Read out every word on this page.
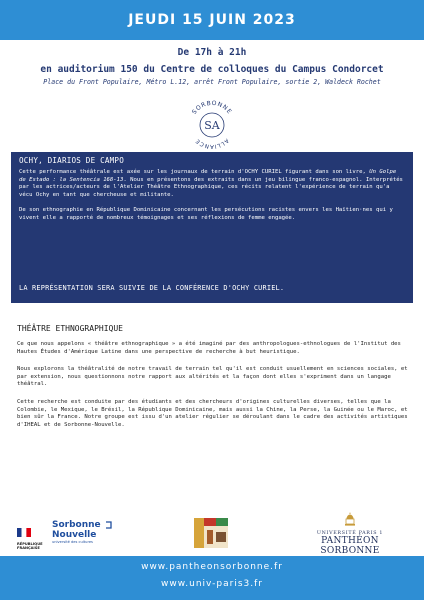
JEUDI 15 JUIN 2023
De 17h à 21h
en auditorium 150 du Centre de colloques du Campus Condorcet
Place du Front Populaire, Métro L.12, arrêt Front Populaire, sortie 2, Waldeck Rochet
SORBONNE
ALLIANCE
SA
OCHY, DIARIOS DE CAMPO

Cette performance théâtrale est axée sur les journaux de terrain d'OCHY CURIEL figurant dans son livre, Un Golpe de Estado : la Sentencia 168-13. Nous en présentons des extraits dans un jeu bilingue franco-espagnol. Interprétés par les actrices/acteurs de l'Atelier Théâtre Ethnographique, ces récits relatent l'expérience de terrain qu'a vécu Ochy en tant que chercheuse et militante.

De son ethnographie en République Dominicaine concernant les persécutions racistes envers les Haïtien·nes qui y vivent elle a rapporté de nombreux témoignages et ses réflexions de femme engagée.

LA REPRÉSENTATION SERA SUIVIE DE LA CONFÉRENCE D'OCHY CURIEL.
THÉÂTRE ETHNOGRAPHIQUE

Ce que nous appelons « théâtre ethnographique » a été imaginé par des anthropologues-ethnologues de l'Institut des Hautes Études d'Amérique Latine dans une perspective de recherche à but heuristique.

Nous explorons la théâtralité de notre travail de terrain tel qu'il est conduit usuellement en sciences sociales, et par extension, nous questionnons notre rapport aux altérités et la façon dont elles s'expriment dans un langage théâtral.

Cette recherche est conduite par des étudiants et des chercheurs d'origines culturelles diverses, telles que la Colombie, le Mexique, le Brésil, la République Dominicaine, mais aussi la Chine, la Perse, la Guinée ou le Maroc, et bien sûr la France. Notre groupe est issu d'un atelier régulier se déroulant dans le cadre des activités artistiques d'IHEAL et de Sorbonne-Nouvelle.

RÉPUBLIQUE
FRANÇAISE
Sorbonne
Nouvelle
université des cultures
UNIVERSITÉ PARIS 1
PANTHÉON SORBONNE
www.pantheonsorbonne.fr
www.univ-paris3.fr
